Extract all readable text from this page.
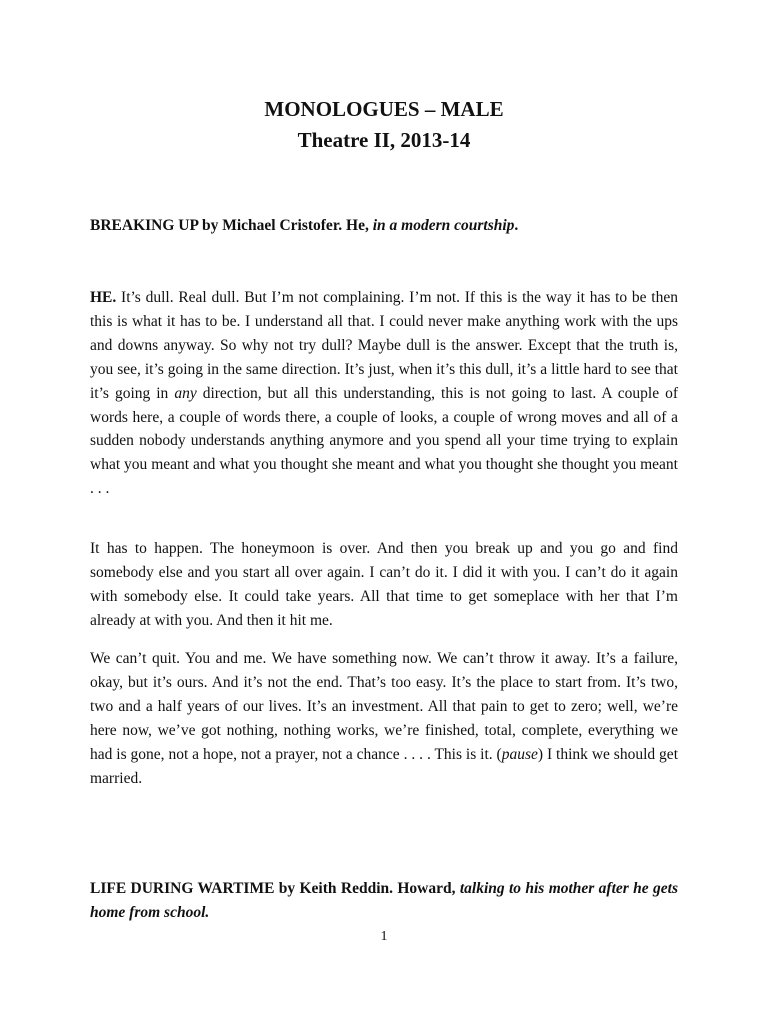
MONOLOGUES – MALE
Theatre II, 2013-14
BREAKING UP by Michael Cristofer. He, in a modern courtship.

HE. It’s dull. Real dull. But I’m not complaining. I’m not. If this is the way it has to be then this is what it has to be. I understand all that. I could never make anything work with the ups and downs anyway. So why not try dull? Maybe dull is the answer. Except that the truth is, you see, it’s going in the same direction. It’s just, when it’s this dull, it’s a little hard to see that it’s going in any direction, but all this understanding, this is not going to last. A couple of words here, a couple of words there, a couple of looks, a couple of wrong moves and all of a sudden nobody understands anything anymore and you spend all your time trying to explain what you meant and what you thought she meant and what you thought she thought you meant . . .

It has to happen. The honeymoon is over. And then you break up and you go and find somebody else and you start all over again. I can’t do it. I did it with you. I can’t do it again with somebody else. It could take years. All that time to get someplace with her that I’m already at with you. And then it hit me.

We can’t quit. You and me. We have something now. We can’t throw it away. It’s a failure, okay, but it’s ours. And it’s not the end. That’s too easy. It’s the place to start from. It’s two, two and a half years of our lives. It’s an investment. All that pain to get to zero; well, we’re here now, we’ve got nothing, nothing works, we’re finished, total, complete, everything we had is gone, not a hope, not a prayer, not a chance . . . . This is it. (pause) I think we should get married.

LIFE DURING WARTIME by Keith Reddin. Howard, talking to his mother after he gets home from school.
1
